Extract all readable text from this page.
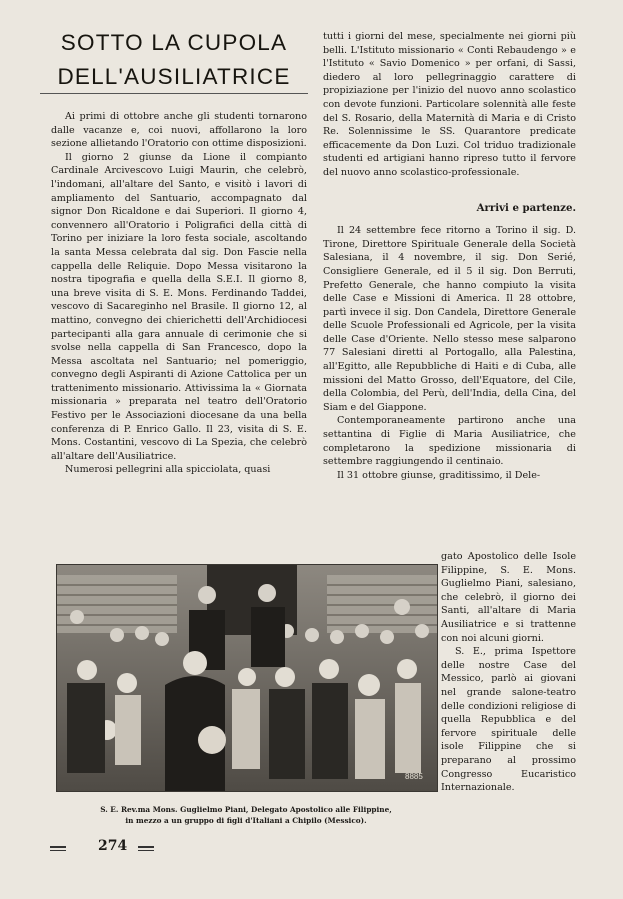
SOTTO LA CUPOLA
DELL'AUSILIATRICE

Ai primi di ottobre anche gli studenti tornarono dalle vacanze e, coi nuovi, affollarono la loro sezione allietando l'Oratorio con ottime disposizioni.

Il giorno 2 giunse da Lione il compianto Cardinale Arcivescovo Luigi Maurin, che celebrò, l'indomani, all'altare del Santo, e visitò i lavori di ampliamento del Santuario, accompagnato dal signor Don Ricaldone e dai Superiori. Il giorno 4, convennero all'Oratorio i Poligrafici della città di Torino per iniziare la loro festa sociale, ascoltando la santa Messa celebrata dal sig. Don Fascie nella cappella delle Reliquie. Dopo Messa visitarono la nostra tipografia e quella della S.E.I. Il giorno 8, una breve visita di S. E. Mons. Ferdinando Taddei, vescovo di Sacareginho nel Brasile. Il giorno 12, al mattino, convegno dei chierichetti dell'Archidiocesi partecipanti alla gara annuale di cerimonie che si svolse nella cappella di San Francesco, dopo la Messa ascoltata nel Santuario; nel pomeriggio, convegno degli Aspiranti di Azione Cattolica per un trattenimento missionario. Attivissima la « Giornata missionaria » preparata nel teatro dell'Oratorio Festivo per le Associazioni diocesane da una bella conferenza di P. Enrico Gallo. Il 23, visita di S. E. Mons. Costantini, vescovo di La Spezia, che celebrò all'altare dell'Ausiliatrice.

Numerosi pellegrini alla spicciolata, quasi

tutti i giorni del mese, specialmente nei giorni più belli. L'Istituto missionario « Conti Rebaudengo » e l'Istituto « Savio Domenico » per orfani, di Sassi, diedero al loro pellegrinaggio carattere di propiziazione per l'inizio del nuovo anno scolastico con devote funzioni. Particolare solennità alle feste del S. Rosario, della Maternità di Maria e di Cristo Re. Solennissime le SS. Quarantore predicate efficacemente da Don Luzi. Col triduo tradizionale studenti ed artigiani hanno ripreso tutto il fervore del nuovo anno scolastico-professionale.

Arrivi e partenze.

Il 24 settembre fece ritorno a Torino il sig. D. Tirone, Direttore Spirituale Generale della Società Salesiana, il 4 novembre, il sig. Don Serié, Consigliere Generale, ed il 5 il sig. Don Berruti, Prefetto Generale, che hanno compiuto la visita delle Case e Missioni di America. Il 28 ottobre, partì invece il sig. Don Candela, Direttore Generale delle Scuole Professionali ed Agricole, per la visita delle Case d'Oriente. Nello stesso mese salparono 77 Salesiani diretti al Portogallo, alla Palestina, all'Egitto, alle Repubbliche di Haiti e di Cuba, alle missioni del Matto Grosso, dell'Equatore, del Cile, della Colombia, del Perù, dell'India, della Cina, del Siam e del Giappone.

Contemporaneamente partirono anche una settantina di Figlie di Maria Ausiliatrice, che completarono la spedizione missionaria di settembre raggiungendo il centinaio.

Il 31 ottobre giunse, graditissimo, il Dele-

gato Apostolico delle Isole Filippine, S. E. Mons. Guglielmo Piani, salesiano, che celebrò, il giorno dei Santi, all'altare di Maria Ausiliatrice e si trattenne con noi alcuni giorni.

S. E., prima Ispettore delle nostre Case del Messico, parlò ai giovani nel grande salone-teatro delle condizioni religiose di quella Repubblica e del fervore spirituale delle isole Filippine che si preparano al prossimo Congresso Eucaristico Internazionale.

8885
S. E. Rev.ma Mons. Guglielmo Piani, Delegato Apostolico alle Filippine,
in mezzo a un gruppo di figli d'Italiani a Chipilo (Messico).
274
